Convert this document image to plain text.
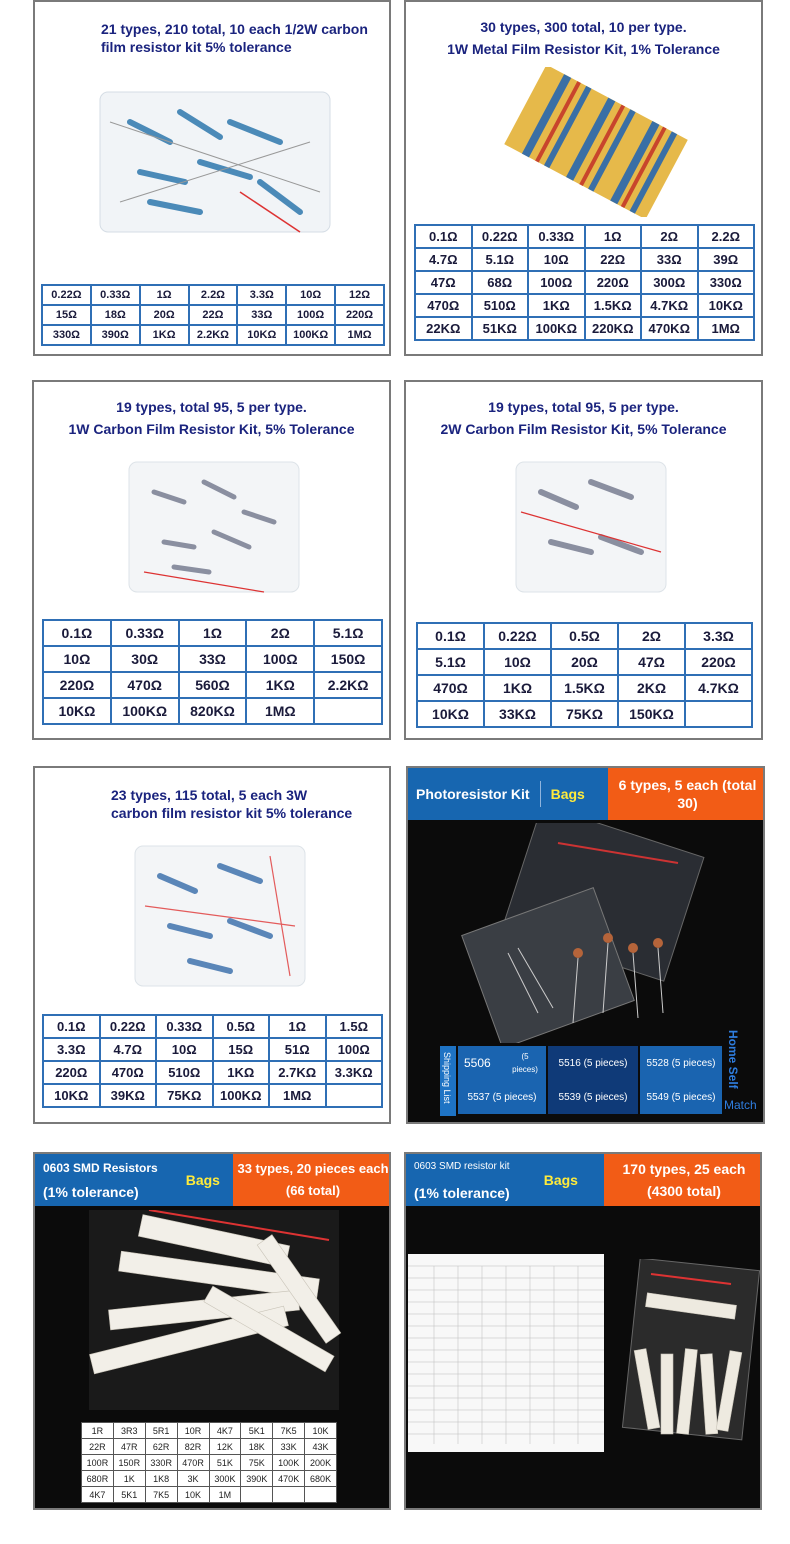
21 types, 210 total, 10 each 1/2W carbon
film resistor kit 5% tolerance
0.22Ω	0.33Ω	1Ω	2.2Ω	3.3Ω	10Ω	12Ω
15Ω	18Ω	20Ω	22Ω	33Ω	100Ω	220Ω
330Ω	390Ω	1KΩ	2.2KΩ	10KΩ	100KΩ	1MΩ
30 types, 300 total, 10 per type.
1W Metal Film Resistor Kit, 1% Tolerance
0.1Ω	0.22Ω	0.33Ω	1Ω	2Ω	2.2Ω
4.7Ω	5.1Ω	10Ω	22Ω	33Ω	39Ω
47Ω	68Ω	100Ω	220Ω	300Ω	330Ω
470Ω	510Ω	1KΩ	1.5KΩ	4.7KΩ	10KΩ
22KΩ	51KΩ	100KΩ	220KΩ	470KΩ	1MΩ
19 types, total 95, 5 per type.
1W Carbon Film Resistor Kit, 5% Tolerance
0.1Ω	0.33Ω	1Ω	2Ω	5.1Ω
10Ω	30Ω	33Ω	100Ω	150Ω
220Ω	470Ω	560Ω	1KΩ	2.2KΩ
10KΩ	100KΩ	820KΩ	1MΩ	
19 types, total 95, 5 per type.
2W Carbon Film Resistor Kit, 5% Tolerance
0.1Ω	0.22Ω	0.5Ω	2Ω	3.3Ω
5.1Ω	10Ω	20Ω	47Ω	220Ω
470Ω	1KΩ	1.5KΩ	2KΩ	4.7KΩ
10KΩ	33KΩ	75KΩ	150KΩ	
23 types, 115 total, 5 each 3W
carbon film resistor kit 5% tolerance
0.1Ω	0.22Ω	0.33Ω	0.5Ω	1Ω	1.5Ω
3.3Ω	4.7Ω	10Ω	15Ω	51Ω	100Ω
220Ω	470Ω	510Ω	1KΩ	2.7KΩ	3.3KΩ
10KΩ	39KΩ	75KΩ	100KΩ	1MΩ	
Photoresistor Kit Bags
6 types, 5 each (total 30)
Shipping List 5506	(5 pieces)
5537
(5 pieces)
5516
(5 pieces)
5539
(5 pieces)
5528
(5 pieces)
5549
(5 pieces)
Home Self
Match
0603 SMD Resistors
(1% tolerance)
Bags
33 types, 20 pieces each
(66 total)
1R	3R3	5R1	10R	4K7	5K1	7K5	10K
22R	47R	62R	82R	12K	18K	33K	43K
100R	150R	330R	470R	51K	75K	100K	200K
680R	1K	1K8	3K	300K	390K	470K	680K
4K7	5K1	7K5	10K	1M			
0603 SMD resistor kit
(1% tolerance)
Bags
170 types, 25 each
(4300 total)
